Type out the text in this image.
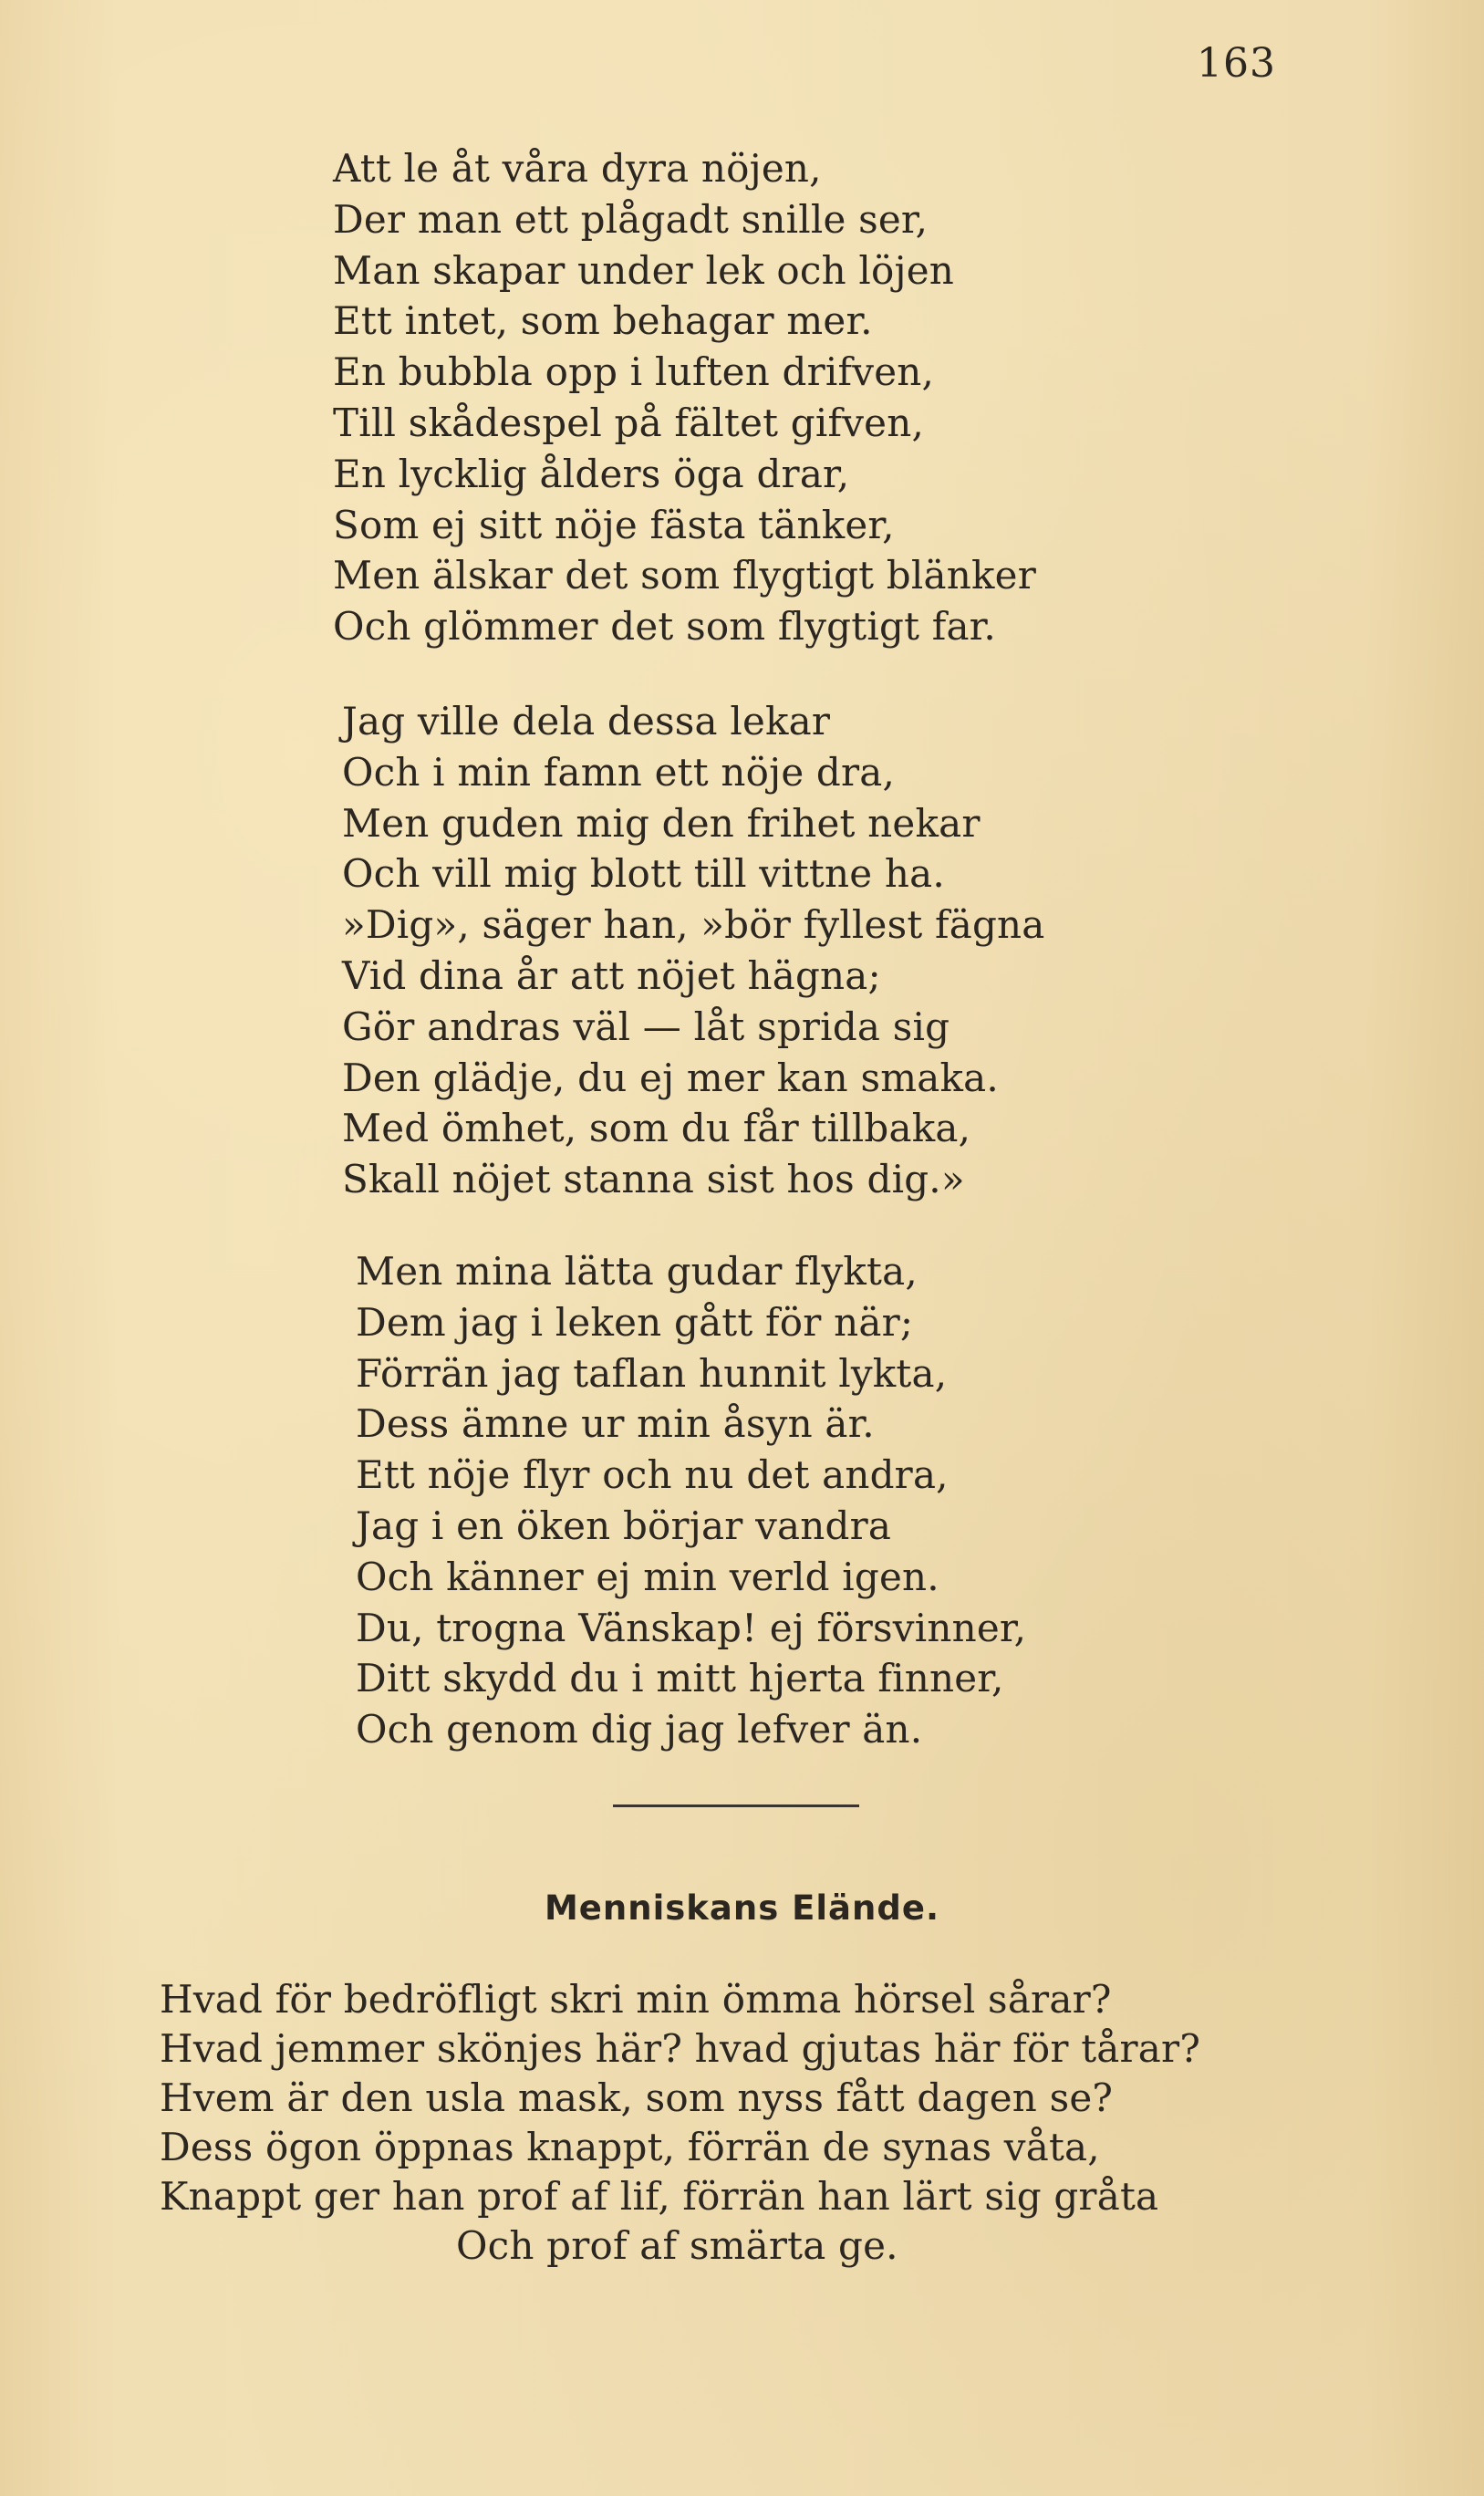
163
Att le åt våra dyra nöjen,
Der man ett plågadt snille ser,
Man skapar under lek och löjen
Ett intet, som behagar mer.
En bubbla opp i luften drifven,
Till skådespel på fältet gifven,
En lycklig ålders öga drar,
Som ej sitt nöje fästa tänker,
Men älskar det som flygtigt blänker
Och glömmer det som flygtigt far.
Jag ville dela dessa lekar
Och i min famn ett nöje dra,
Men guden mig den frihet nekar
Och vill mig blott till vittne ha.
»Dig», säger han, »bör fyllest fägna
Vid dina år att nöjet hägna;
Gör andras väl — låt sprida sig
Den glädje, du ej mer kan smaka.
Med ömhet, som du får tillbaka,
Skall nöjet stanna sist hos dig.»
Men mina lätta gudar flykta,
Dem jag i leken gått för när;
Förrän jag taflan hunnit lykta,
Dess ämne ur min åsyn är.
Ett nöje flyr och nu det andra,
Jag i en öken börjar vandra
Och känner ej min verld igen.
Du, trogna Vänskap! ej försvinner,
Ditt skydd du i mitt hjerta finner,
Och genom dig jag lefver än.
Menniskans Elände.
Hvad för bedröfligt skri min ömma hörsel sårar?
Hvad jemmer skönjes här? hvad gjutas här för tårar?
Hvem är den usla mask, som nyss fått dagen se?
Dess ögon öppnas knappt, förrän de synas våta,
Knappt ger han prof af lif, förrän han lärt sig gråta
Och prof af smärta ge.
